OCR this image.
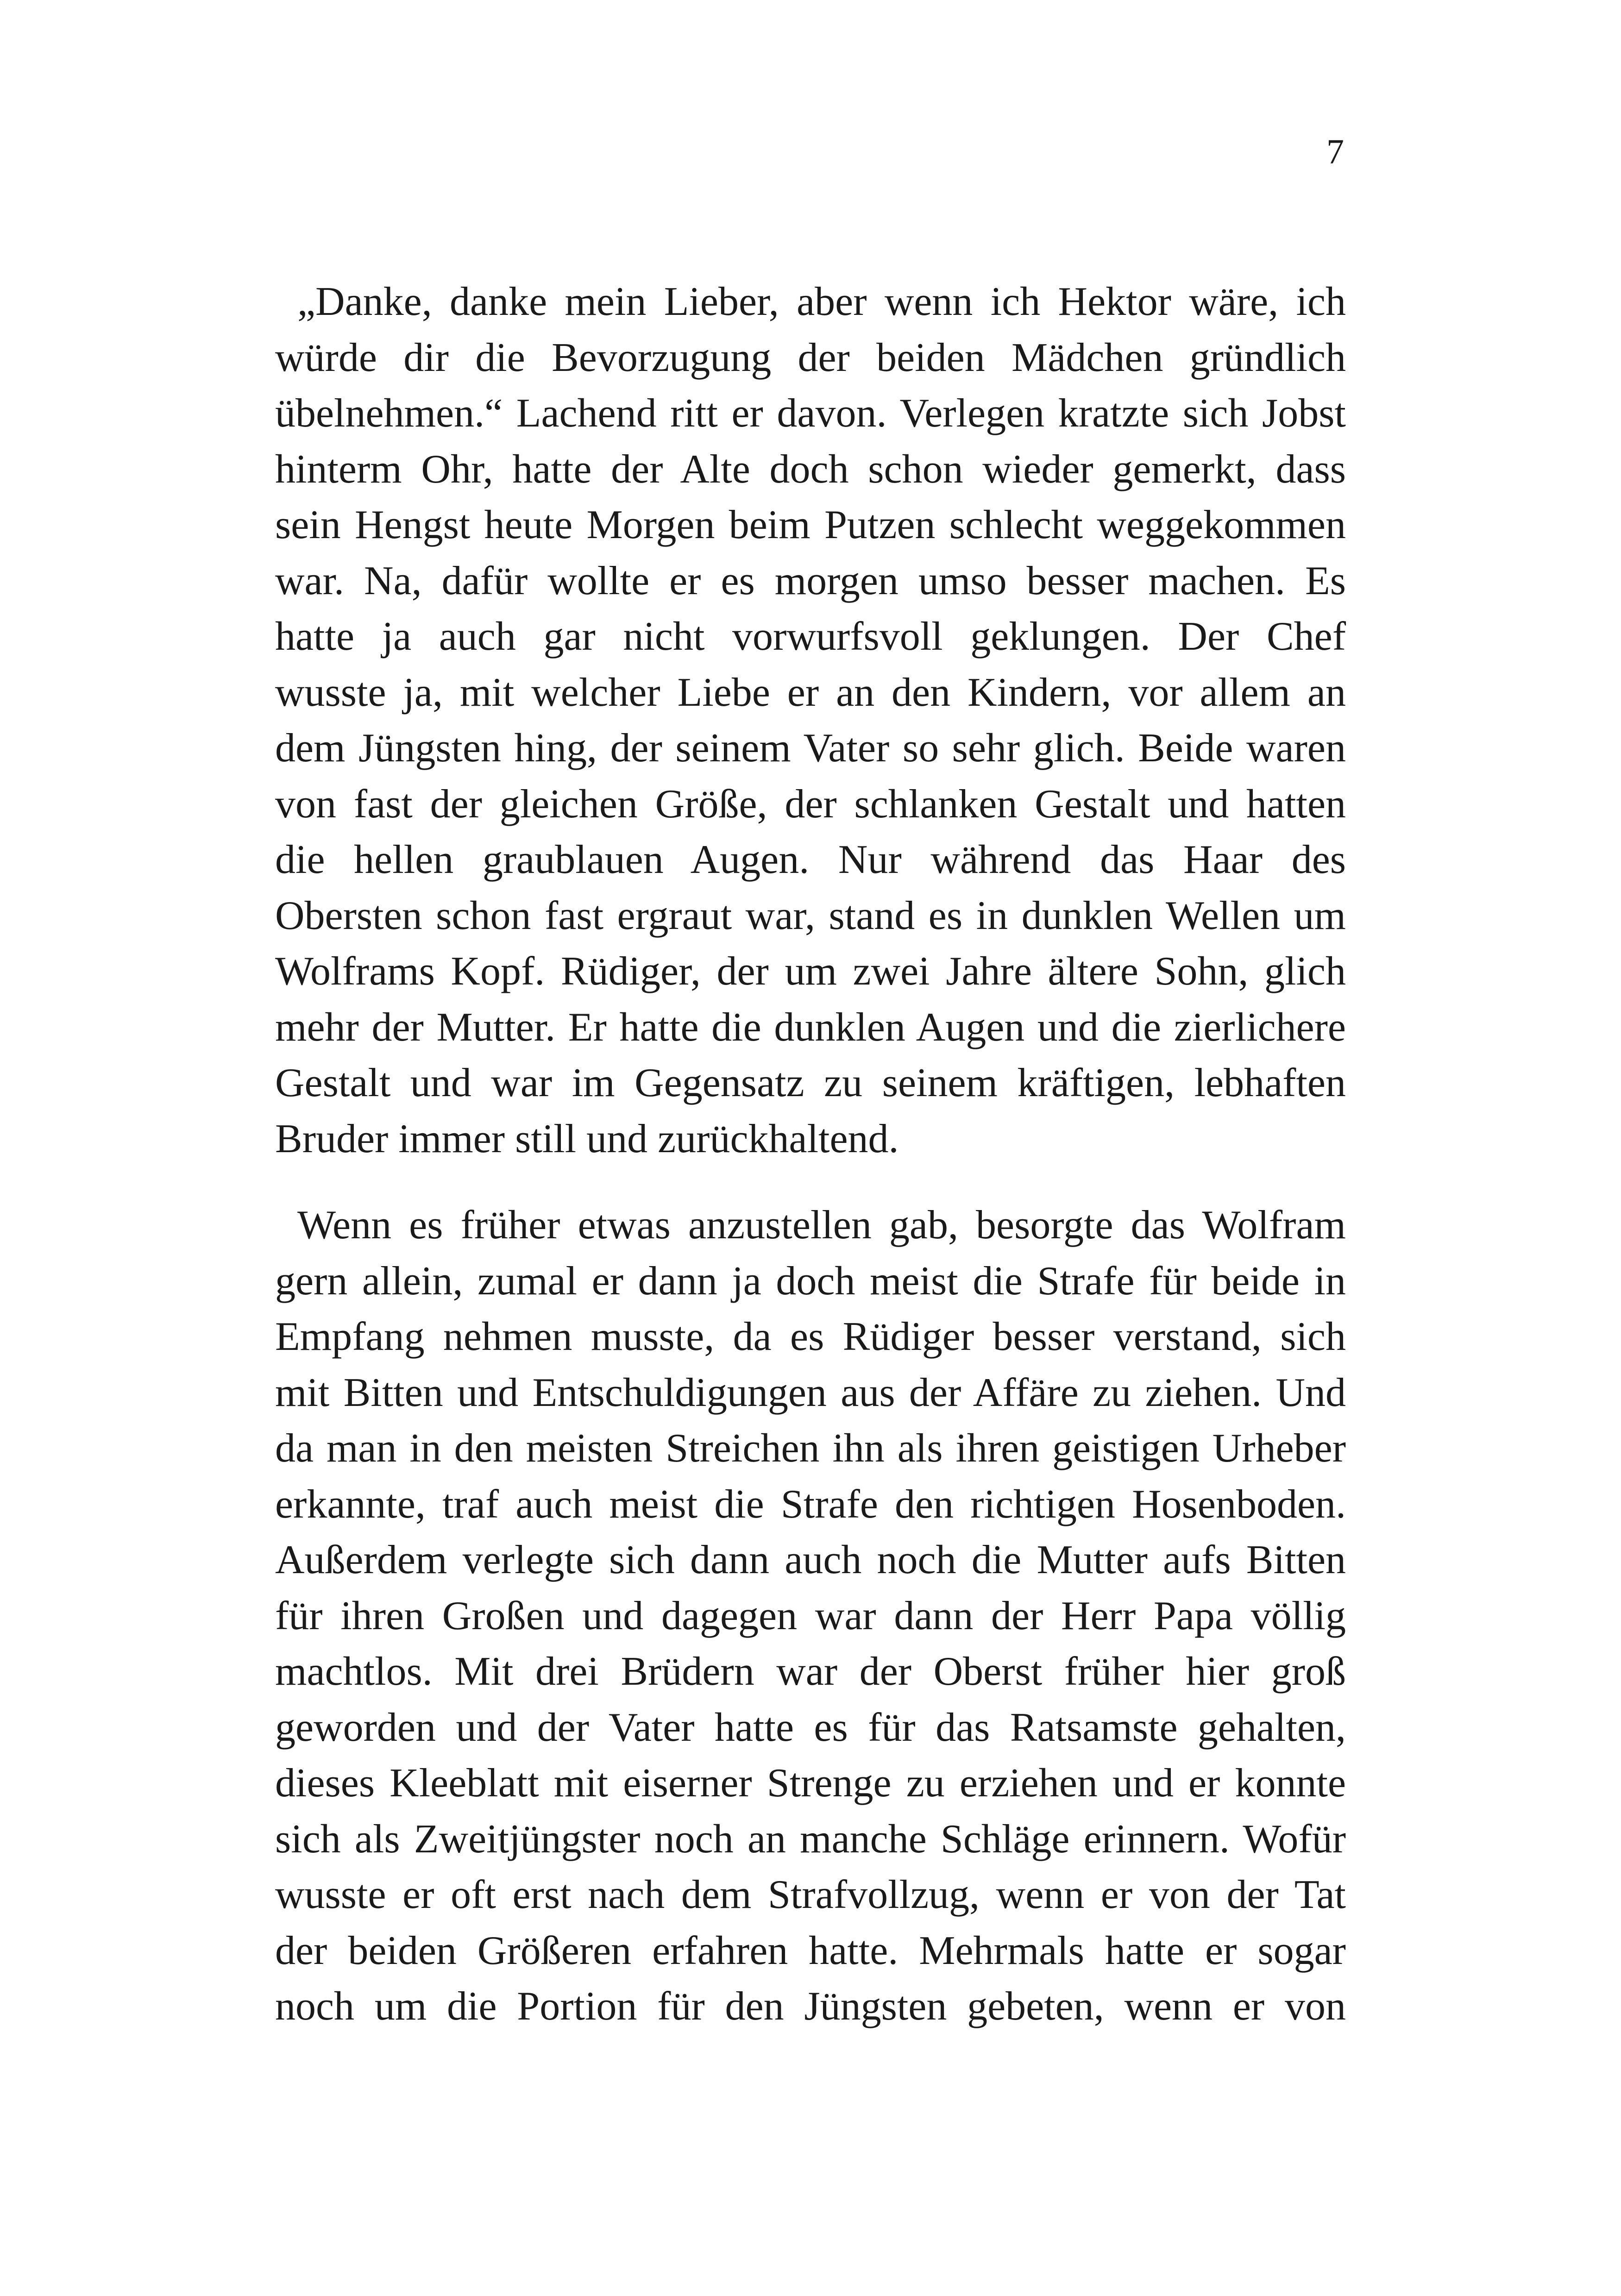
7
„Danke, danke mein Lieber, aber wenn ich Hektor wäre, ich
würde dir die Bevorzugung der beiden Mädchen gründlich
übelnehmen.“ Lachend ritt er davon. Verlegen kratzte sich Jobst
hinterm Ohr, hatte der Alte doch schon wieder gemerkt, dass
sein Hengst heute Morgen beim Putzen schlecht weggekommen
war. Na, dafür wollte er es morgen umso besser machen. Es
hatte ja auch gar nicht vorwurfsvoll geklungen. Der Chef
wusste ja, mit welcher Liebe er an den Kindern, vor allem an
dem Jüngsten hing, der seinem Vater so sehr glich. Beide waren
von fast der gleichen Größe, der schlanken Gestalt und hatten
die hellen graublauen Augen. Nur während das Haar des
Obersten schon fast ergraut war, stand es in dunklen Wellen um
Wolframs Kopf. Rüdiger, der um zwei Jahre ältere Sohn, glich
mehr der Mutter. Er hatte die dunklen Augen und die zierlichere
Gestalt und war im Gegensatz zu seinem kräftigen, lebhaften
Bruder immer still und zurückhaltend.
Wenn es früher etwas anzustellen gab, besorgte das Wolfram
gern allein, zumal er dann ja doch meist die Strafe für beide in
Empfang nehmen musste, da es Rüdiger besser verstand, sich
mit Bitten und Entschuldigungen aus der Affäre zu ziehen. Und
da man in den meisten Streichen ihn als ihren geistigen Urheber
erkannte, traf auch meist die Strafe den richtigen Hosenboden.
Außerdem verlegte sich dann auch noch die Mutter aufs Bitten
für ihren Großen und dagegen war dann der Herr Papa völlig
machtlos. Mit drei Brüdern war der Oberst früher hier groß
geworden und der Vater hatte es für das Ratsamste gehalten,
dieses Kleeblatt mit eiserner Strenge zu erziehen und er konnte
sich als Zweitjüngster noch an manche Schläge erinnern. Wofür
wusste er oft erst nach dem Strafvollzug, wenn er von der Tat
der beiden Größeren erfahren hatte. Mehrmals hatte er sogar
noch um die Portion für den Jüngsten gebeten, wenn er von
